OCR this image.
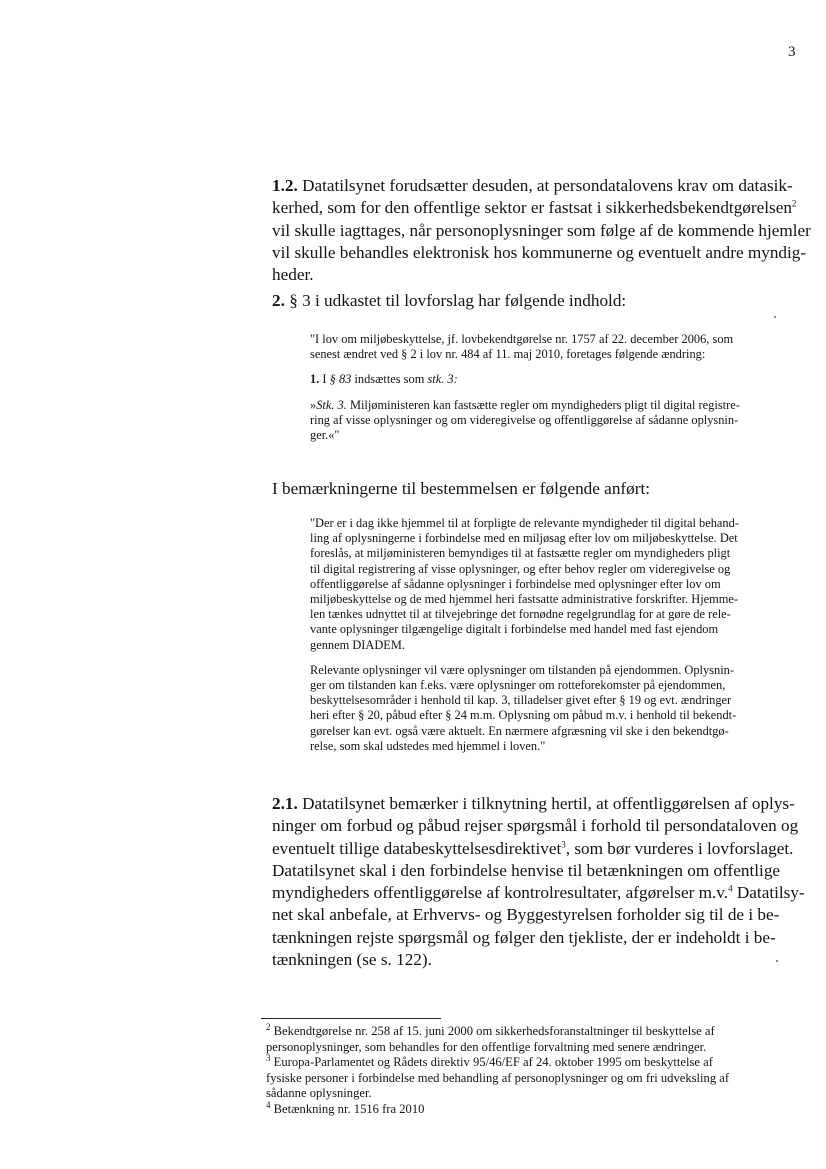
3
1.2. Datatilsynet forudsætter desuden, at persondatalovens krav om datasik-
kerhed, som for den offentlige sektor er fastsat i sikkerhedsbekendtgørelsen$^2$
vil skulle iagttages, når personoplysninger som følge af de kommende hjemler
vil skulle behandles elektronisk hos kommunerne og eventuelt andre myndig-
heder.
2. § 3 i udkastet til lovforslag har følgende indhold:
"I lov om miljøbeskyttelse, jf. lovbekendtgørelse nr. 1757 af 22. december 2006, som
senest ændret ved § 2 i lov nr. 484 af 11. maj 2010, foretages følgende ændring:
1. I § 83 indsættes som stk. 3:
»Stk. 3. Miljøministeren kan fastsætte regler om myndigheders pligt til digital registre-
ring af visse oplysninger og om videregivelse og offentliggørelse af sådanne oplysnin-
ger.«"
I bemærkningerne til bestemmelsen er følgende anført:
"Der er i dag ikke hjemmel til at forpligte de relevante myndigheder til digital behand-
ling af oplysningerne i forbindelse med en miljøsag efter lov om miljøbeskyttelse. Det
foreslås, at miljøministeren bemyndiges til at fastsætte regler om myndigheders pligt
til digital registrering af visse oplysninger, og efter behov regler om videregivelse og
offentliggørelse af sådanne oplysninger i forbindelse med oplysninger efter lov om
miljøbeskyttelse og de med hjemmel heri fastsatte administrative forskrifter. Hjemme-
len tænkes udnyttet til at tilvejebringe det fornødne regelgrundlag for at gøre de rele-
vante oplysninger tilgængelige digitalt i forbindelse med handel med fast ejendom
gennem DIADEM.
Relevante oplysninger vil være oplysninger om tilstanden på ejendommen. Oplysnin-
ger om tilstanden kan f.eks. være oplysninger om rotteforekomster på ejendommen,
beskyttelsesområder i henhold til kap. 3, tilladelser givet efter § 19 og evt. ændringer
heri efter § 20, påbud efter § 24 m.m. Oplysning om påbud m.v. i henhold til bekendt-
gørelser kan evt. også være aktuelt. En nærmere afgræsning vil ske i den bekendtgø-
relse, som skal udstedes med hjemmel i loven."
2.1. Datatilsynet bemærker i tilknytning hertil, at offentliggørelsen af oplys-
ninger om forbud og påbud rejser spørgsmål i forhold til persondataloven og
eventuelt tillige databeskyttelsesdirektivet$^3$, som bør vurderes i lovforslaget.
Datatilsynet skal i den forbindelse henvise til betænkningen om offentlige
myndigheders offentliggørelse af kontrolresultater, afgørelser m.v.$^4$ Datatilsy-
net skal anbefale, at Erhvervs- og Byggestyrelsen forholder sig til de i be-
tænkningen rejste spørgsmål og følger den tjekliste, der er indeholdt i be-
tænkningen (se s. 122).
$^2$ Bekendtgørelse nr. 258 af 15. juni 2000 om sikkerhedsforanstaltninger til beskyttelse af
personoplysninger, som behandles for den offentlige forvaltning med senere ændringer.
$^3$ Europa-Parlamentet og Rådets direktiv 95/46/EF af 24. oktober 1995 om beskyttelse af
fysiske personer i forbindelse med behandling af personoplysninger og om fri udveksling af
sådanne oplysninger.
$^4$ Betænkning nr. 1516 fra 2010
